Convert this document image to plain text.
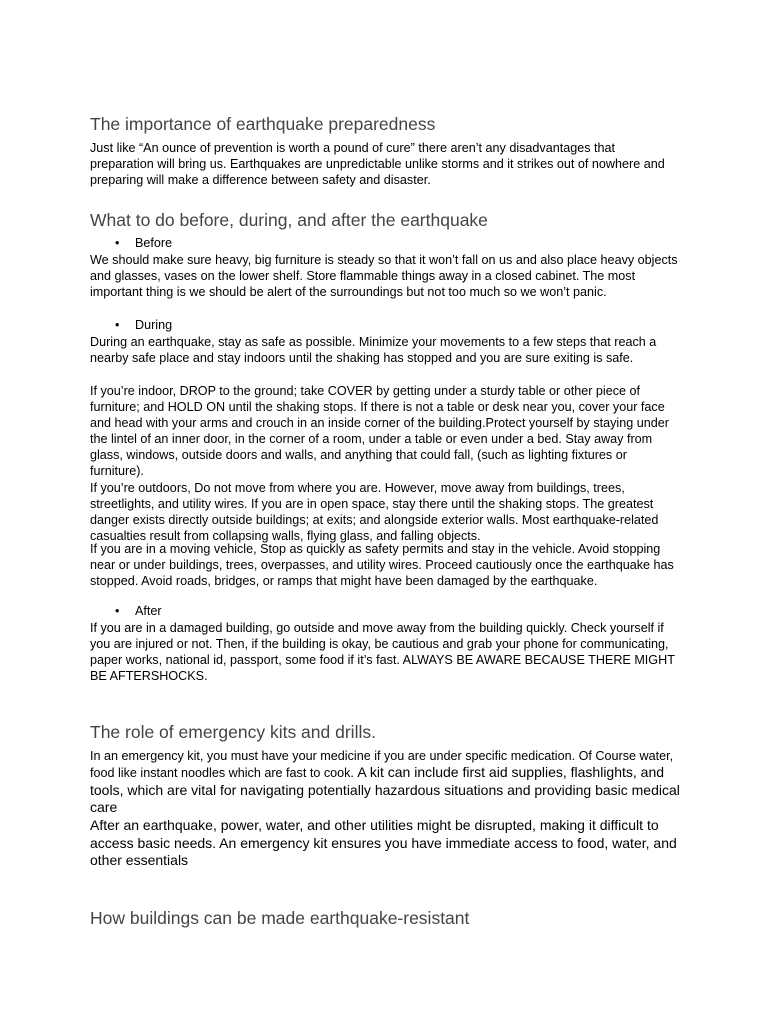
The importance of earthquake preparedness

Just like “An ounce of prevention is worth a pound of cure” there aren’t any disadvantages that preparation will bring us. Earthquakes are unpredictable unlike storms and it strikes out of nowhere and preparing will make a difference between safety and disaster.

What to do before, during, and after the earthquake
• Before

We should make sure heavy, big furniture is steady so that it won’t fall on us and also place heavy objects and glasses, vases on the lower shelf. Store flammable things away in a closed cabinet. The most important thing is we should be alert of the surroundings but not too much so we won’t panic.

• During

During an earthquake, stay as safe as possible. Minimize your movements to a few steps that reach a nearby safe place and stay indoors until the shaking has stopped and you are sure exiting is safe.

If you’re indoor, DROP to the ground; take COVER by getting under a sturdy table or other piece of furniture; and HOLD ON until the shaking stops. If there is not a table or desk near you, cover your face and head with your arms and crouch in an inside corner of the building.Protect yourself by staying under the lintel of an inner door, in the corner of a room, under a table or even under a bed. Stay away from glass, windows, outside doors and walls, and anything that could fall, (such as lighting fixtures or furniture).

If you’re outdoors, Do not move from where you are. However, move away from buildings, trees, streetlights, and utility wires. If you are in open space, stay there until the shaking stops. The greatest danger exists directly outside buildings; at exits; and alongside exterior walls. Most earthquake-related casualties result from collapsing walls, flying glass, and falling objects.

If you are in a moving vehicle, Stop as quickly as safety permits and stay in the vehicle. Avoid stopping near or under buildings, trees, overpasses, and utility wires. Proceed cautiously once the earthquake has stopped. Avoid roads, bridges, or ramps that might have been damaged by the earthquake.

• After

If you are in a damaged building, go outside and move away from the building quickly. Check yourself if you are injured or not. Then, if the building is okay, be cautious and grab your phone for communicating, paper works, national id, passport, some food if it’s fast. ALWAYS BE AWARE BECAUSE THERE MIGHT BE AFTERSHOCKS.

The role of emergency kits and drills.

In an emergency kit, you must have your medicine if you are under specific medication. Of Course water, food like instant noodles which are fast to cook. A kit can include first aid supplies, flashlights, and tools, which are vital for navigating potentially hazardous situations and providing basic medical care

After an earthquake, power, water, and other utilities might be disrupted, making it difficult to access basic needs. An emergency kit ensures you have immediate access to food, water, and other essentials

How buildings can be made earthquake-resistant
